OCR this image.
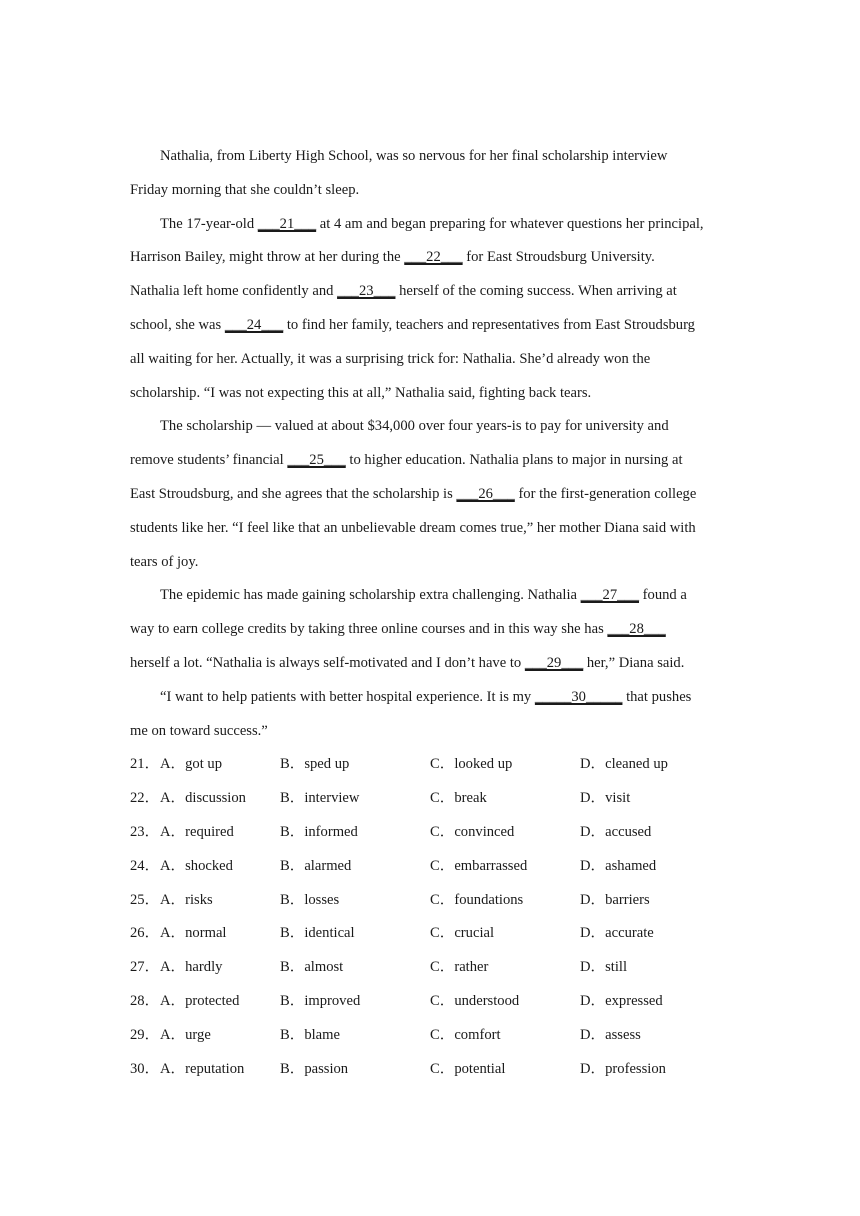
Nathalia, from Liberty High School, was so nervous for her final scholarship interview
Friday morning that she couldn’t sleep.

The 17-year-old ___21___ at 4 am and began preparing for whatever questions her principal,
Harrison Bailey, might throw at her during the ___22___ for East Stroudsburg University.
Nathalia left home confidently and ___23___ herself of the coming success. When arriving at
school, she was ___24___ to find her family, teachers and representatives from East Stroudsburg
all waiting for her. Actually, it was a surprising trick for: Nathalia. She’d already won the
scholarship. “I was not expecting this at all,” Nathalia said, fighting back tears.

The scholarship — valued at about $34,000 over four years-is to pay for university and
remove students’ financial ___25___ to higher education. Nathalia plans to major in nursing at
East Stroudsburg, and she agrees that the scholarship is ___26___ for the first-generation college
students like her. “I feel like that an unbelievable dream comes true,” her mother Diana said with
tears of joy.

The epidemic has made gaining scholarship extra challenging. Nathalia ___27___ found a
way to earn college credits by taking three online courses and in this way she has ___28___
herself a lot. “Nathalia is always self-motivated and I don’t have to ___29___ her,” Diana said.

“I want to help patients with better hospital experience. It is my _____30_____ that pushes
me on toward success.”

21． A．got up	B．sped up	C．looked up	D．cleaned up
22． A．discussion	B．interview	C．break	D．visit
23． A．required	B．informed	C．convinced	D．accused
24． A．shocked	B．alarmed	C．embarrassed	D．ashamed
25． A．risks	B．losses	C．foundations	D．barriers
26． A．normal	B．identical	C．crucial	D．accurate
27． A．hardly	B．almost	C．rather	D．still
28． A．protected	B．improved	C．understood	D．expressed
29． A．urge	B．blame	C．comfort	D．assess
30． A．reputation	B．passion	C．potential	D．profession
